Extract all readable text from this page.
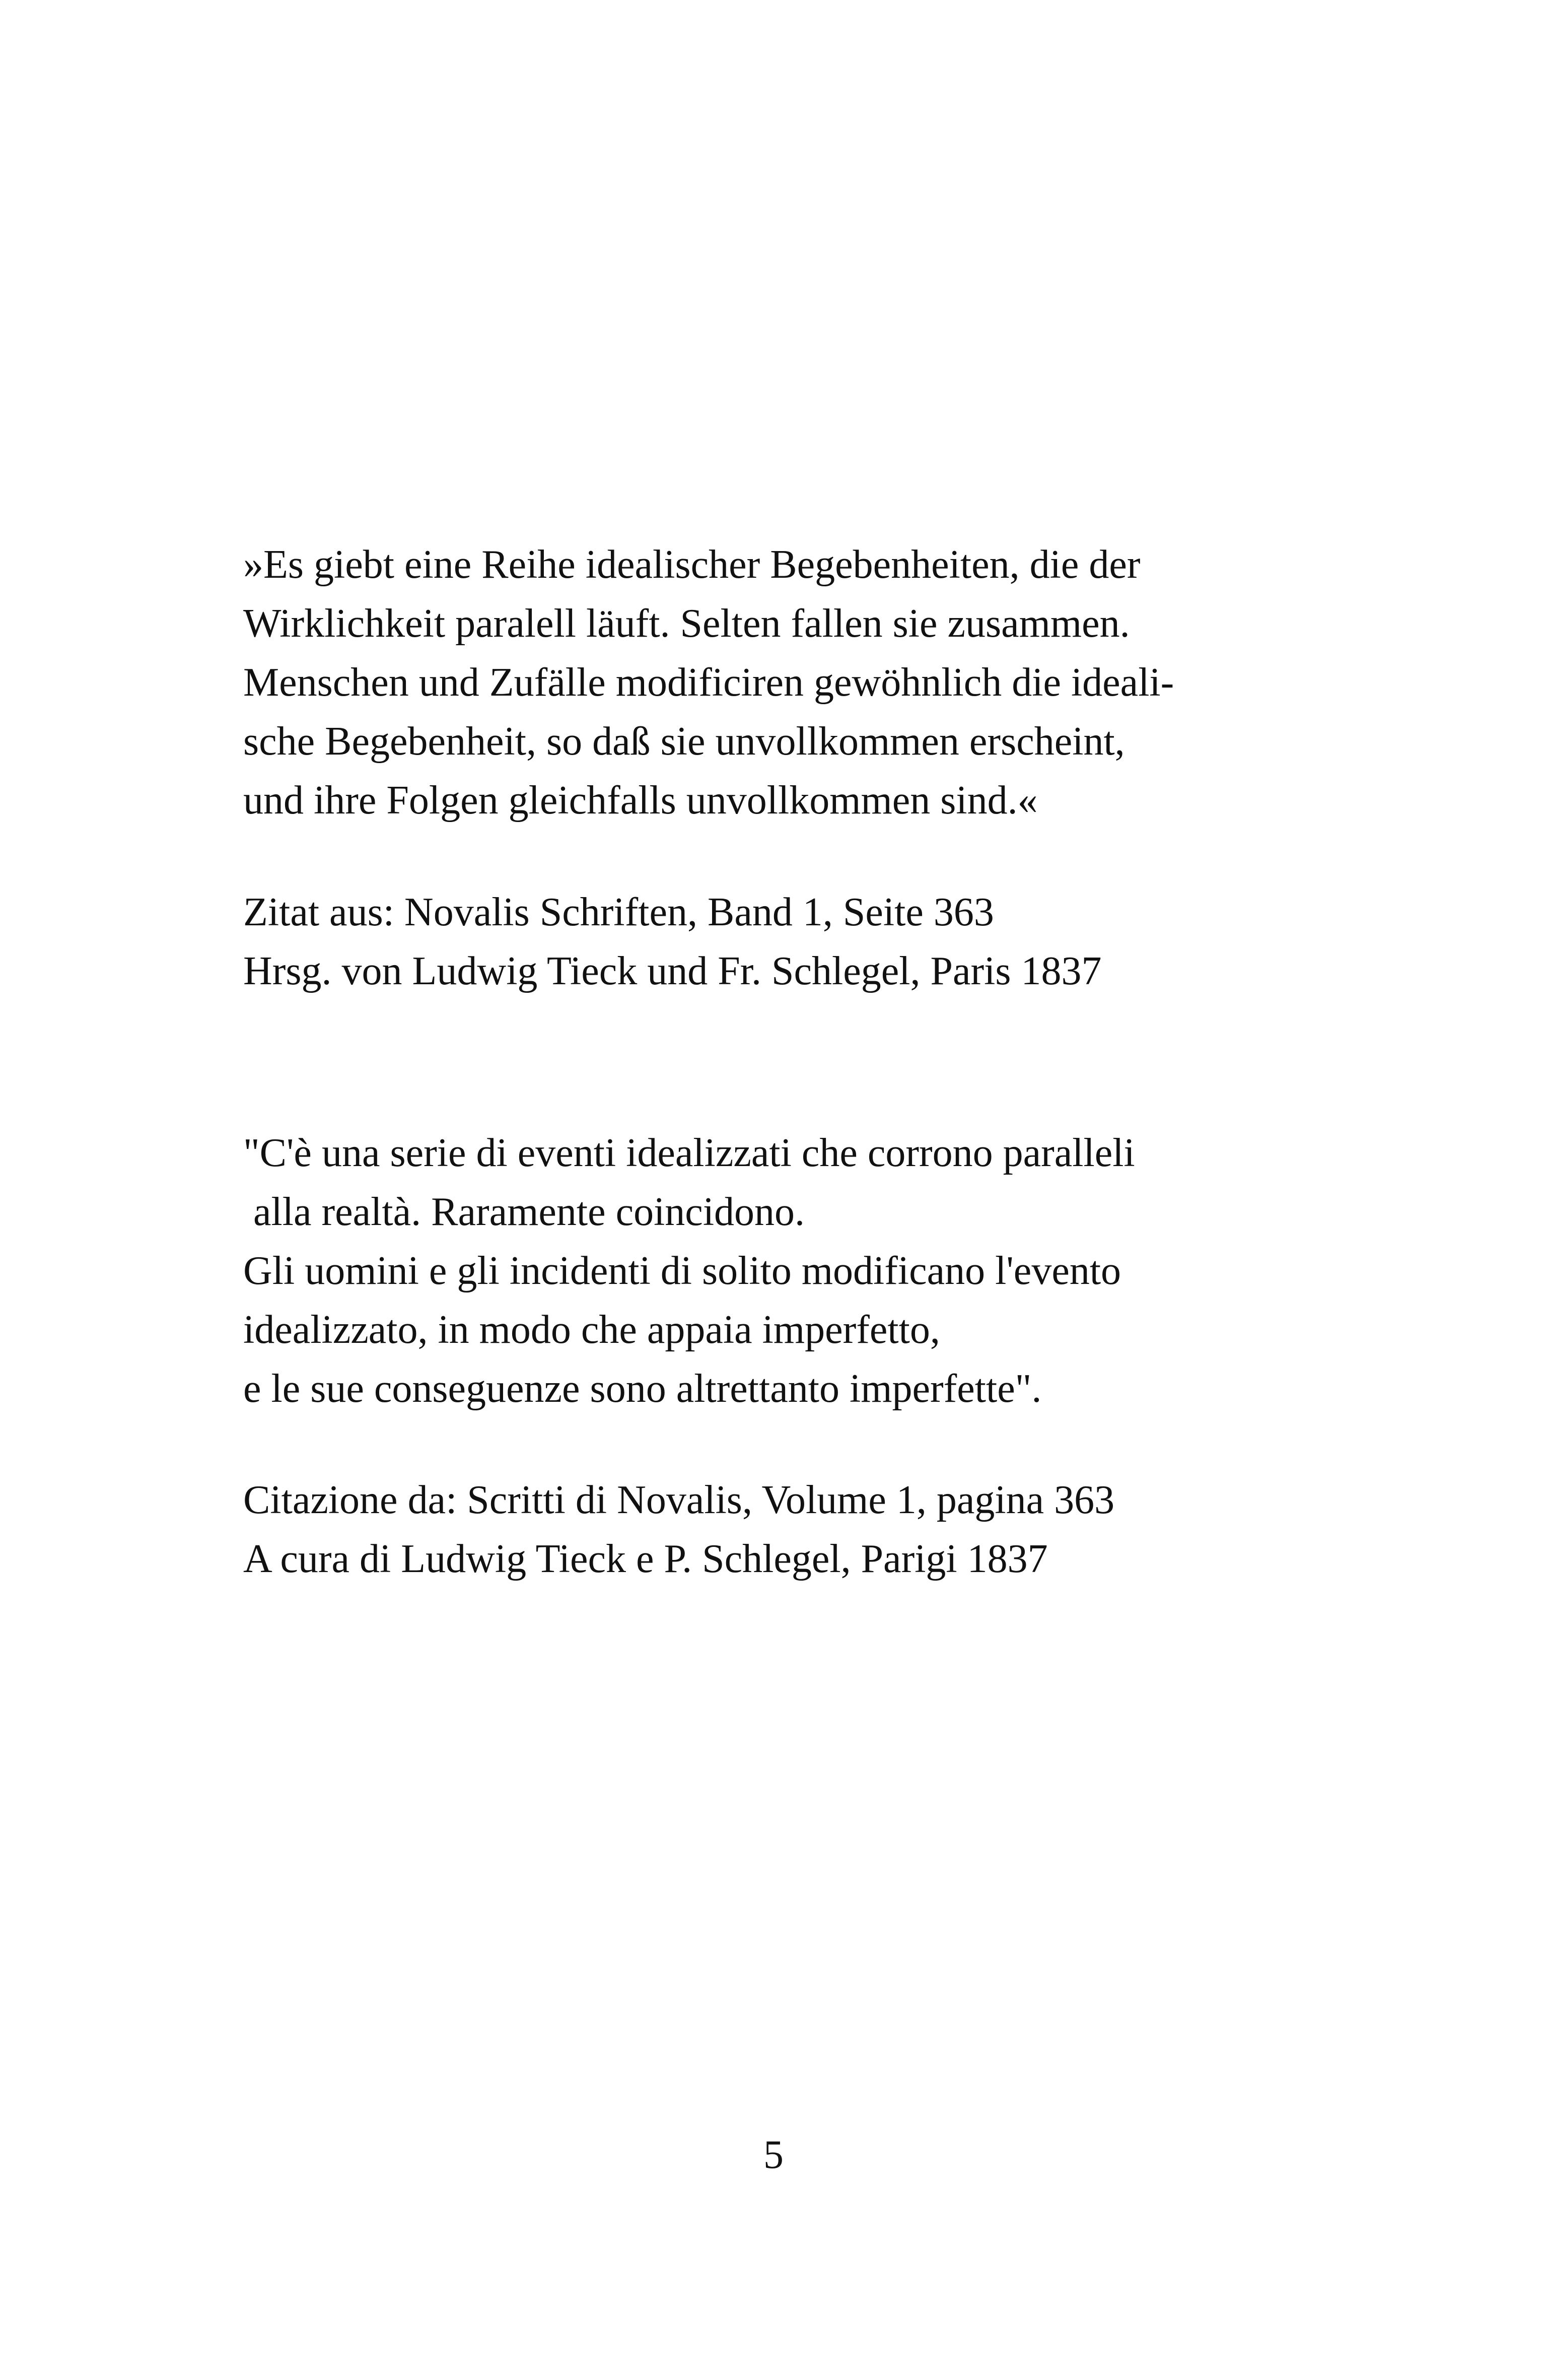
»Es giebt eine Reihe idealischer Begebenheiten, die der
Wirklichkeit paralell läuft. Selten fallen sie zusammen.
Menschen und Zufälle modificiren gewöhnlich die ideali-
sche Begebenheit, so daß sie unvollkommen erscheint,
und ihre Folgen gleichfalls unvollkommen sind.«
Zitat aus: Novalis Schriften, Band 1, Seite 363
Hrsg. von Ludwig Tieck und Fr. Schlegel, Paris 1837
"C'è una serie di eventi idealizzati che corrono paralleli
alla realtà. Raramente coincidono.
Gli uomini e gli incidenti di solito modificano l'evento
idealizzato, in modo che appaia imperfetto,
e le sue conseguenze sono altrettanto imperfette".
Citazione da: Scritti di Novalis, Volume 1, pagina 363
A cura di Ludwig Tieck e P. Schlegel, Parigi 1837
5
